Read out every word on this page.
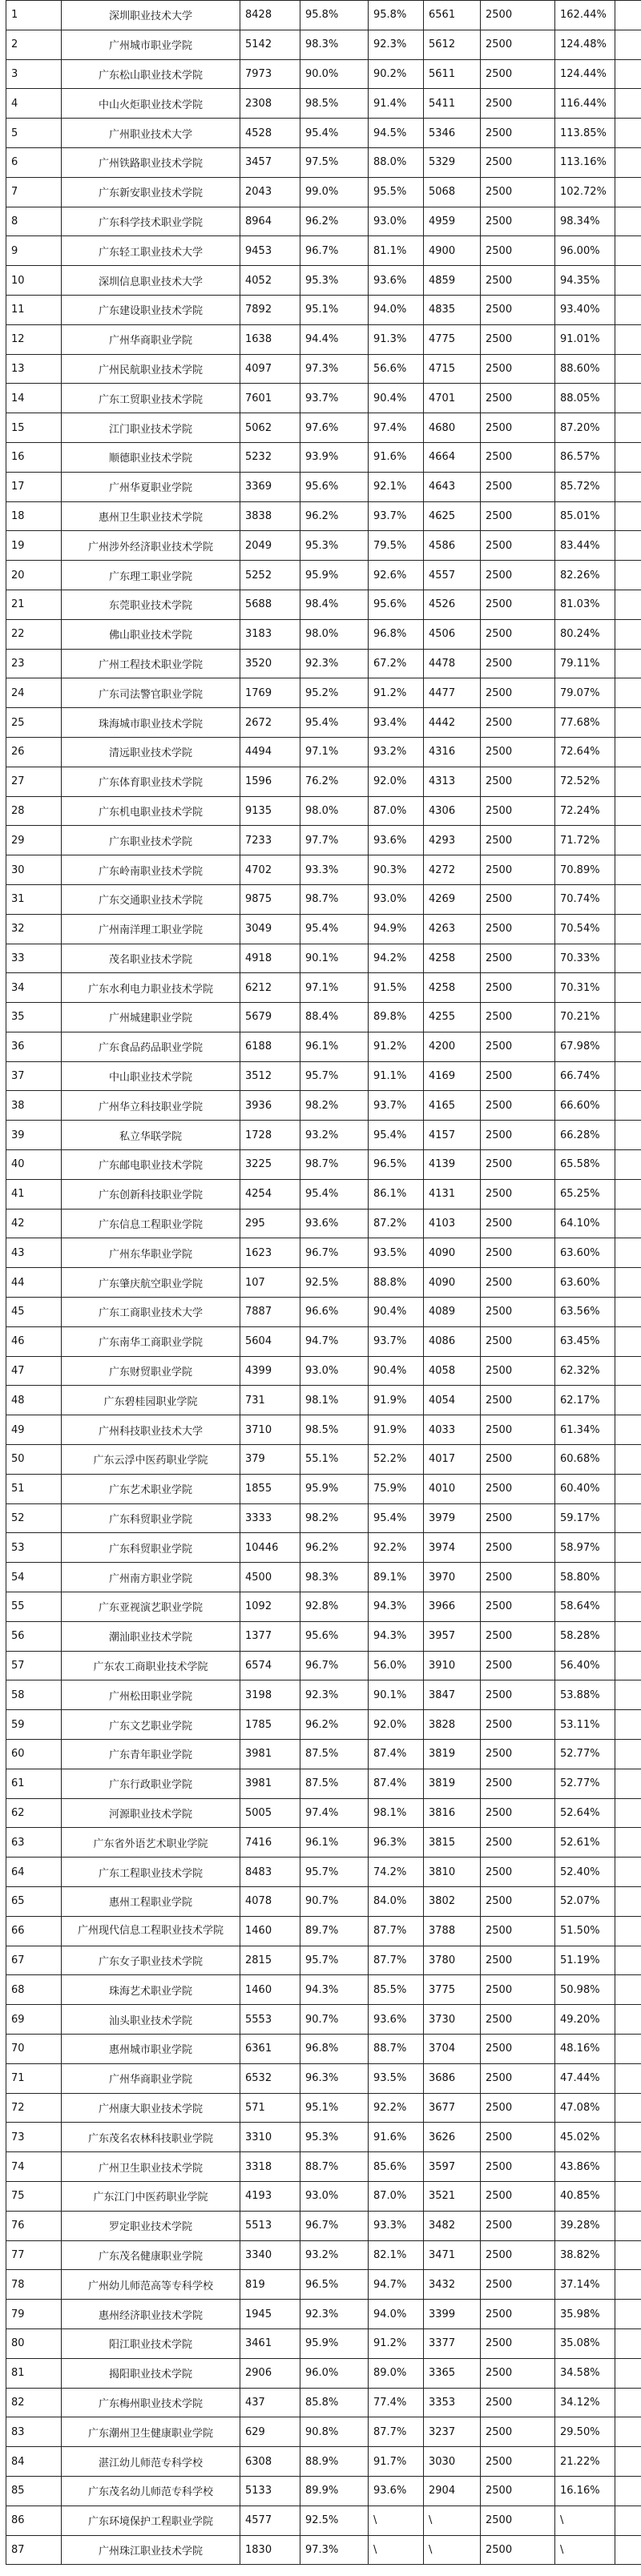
1	深圳职业技术大学	8428	95.8%	95.8%	6561	2500	162.44%	
2	广州城市职业学院	5142	98.3%	92.3%	5612	2500	124.48%	
3	广东松山职业技术学院	7973	90.0%	90.2%	5611	2500	124.44%	
4	中山火炬职业技术学院	2308	98.5%	91.4%	5411	2500	116.44%	
5	广州职业技术大学	4528	95.4%	94.5%	5346	2500	113.85%	
6	广州铁路职业技术学院	3457	97.5%	88.0%	5329	2500	113.16%	
7	广东新安职业技术学院	2043	99.0%	95.5%	5068	2500	102.72%	
8	广东科学技术职业学院	8964	96.2%	93.0%	4959	2500	98.34%	
9	广东轻工职业技术大学	9453	96.7%	81.1%	4900	2500	96.00%	
10	深圳信息职业技术大学	4052	95.3%	93.6%	4859	2500	94.35%	
11	广东建设职业技术学院	7892	95.1%	94.0%	4835	2500	93.40%	
12	广州华商职业学院	1638	94.4%	91.3%	4775	2500	91.01%	
13	广州民航职业技术学院	4097	97.3%	56.6%	4715	2500	88.60%	
14	广东工贸职业技术学院	7601	93.7%	90.4%	4701	2500	88.05%	
15	江门职业技术学院	5062	97.6%	97.4%	4680	2500	87.20%	
16	顺德职业技术学院	5232	93.9%	91.6%	4664	2500	86.57%	
17	广州华夏职业学院	3369	95.6%	92.1%	4643	2500	85.72%	
18	惠州卫生职业技术学院	3838	96.2%	93.7%	4625	2500	85.01%	
19	广州涉外经济职业技术学院	2049	95.3%	79.5%	4586	2500	83.44%	
20	广东理工职业学院	5252	95.9%	92.6%	4557	2500	82.26%	
21	东莞职业技术学院	5688	98.4%	95.6%	4526	2500	81.03%	
22	佛山职业技术学院	3183	98.0%	96.8%	4506	2500	80.24%	
23	广州工程技术职业学院	3520	92.3%	67.2%	4478	2500	79.11%	
24	广东司法警官职业学院	1769	95.2%	91.2%	4477	2500	79.07%	
25	珠海城市职业技术学院	2672	95.4%	93.4%	4442	2500	77.68%	
26	清远职业技术学院	4494	97.1%	93.2%	4316	2500	72.64%	
27	广东体育职业技术学院	1596	76.2%	92.0%	4313	2500	72.52%	
28	广东机电职业技术学院	9135	98.0%	87.0%	4306	2500	72.24%	
29	广东职业技术学院	7233	97.7%	93.6%	4293	2500	71.72%	
30	广东岭南职业技术学院	4702	93.3%	90.3%	4272	2500	70.89%	
31	广东交通职业技术学院	9875	98.7%	93.0%	4269	2500	70.74%	
32	广州南洋理工职业学院	3049	95.4%	94.9%	4263	2500	70.54%	
33	茂名职业技术学院	4918	90.1%	94.2%	4258	2500	70.33%	
34	广东水利电力职业技术学院	6212	97.1%	91.5%	4258	2500	70.31%	
35	广州城建职业学院	5679	88.4%	89.8%	4255	2500	70.21%	
36	广东食品药品职业学院	6188	96.1%	91.2%	4200	2500	67.98%	
37	中山职业技术学院	3512	95.7%	91.1%	4169	2500	66.74%	
38	广州华立科技职业学院	3936	98.2%	93.7%	4165	2500	66.60%	
39	私立华联学院	1728	93.2%	95.4%	4157	2500	66.28%	
40	广东邮电职业技术学院	3225	98.7%	96.5%	4139	2500	65.58%	
41	广东创新科技职业学院	4254	95.4%	86.1%	4131	2500	65.25%	
42	广东信息工程职业学院	295	93.6%	87.2%	4103	2500	64.10%	
43	广州东华职业学院	1623	96.7%	93.5%	4090	2500	63.60%	
44	广东肇庆航空职业学院	107	92.5%	88.8%	4090	2500	63.60%	
45	广东工商职业技术大学	7887	96.6%	90.4%	4089	2500	63.56%	
46	广东南华工商职业学院	5604	94.7%	93.7%	4086	2500	63.45%	
47	广东财贸职业学院	4399	93.0%	90.4%	4058	2500	62.32%	
48	广东碧桂园职业学院	731	98.1%	91.9%	4054	2500	62.17%	
49	广州科技职业技术大学	3710	98.5%	91.9%	4033	2500	61.34%	
50	广东云浮中医药职业学院	379	55.1%	52.2%	4017	2500	60.68%	
51	广东艺术职业学院	1855	95.9%	75.9%	4010	2500	60.40%	
52	广东科贸职业学院	3333	98.2%	95.4%	3979	2500	59.17%	
53	广东科贸职业学院	10446	96.2%	92.2%	3974	2500	58.97%	
54	广州南方职业学院	4500	98.3%	89.1%	3970	2500	58.80%	
55	广东亚视演艺职业学院	1092	92.8%	94.3%	3966	2500	58.64%	
56	潮汕职业技术学院	1377	95.6%	94.3%	3957	2500	58.28%	
57	广东农工商职业技术学院	6574	96.7%	56.0%	3910	2500	56.40%	
58	广州松田职业学院	3198	92.3%	90.1%	3847	2500	53.88%	
59	广东文艺职业学院	1785	96.2%	92.0%	3828	2500	53.11%	
60	广东青年职业学院	3981	87.5%	87.4%	3819	2500	52.77%	
61	广东行政职业学院	3981	87.5%	87.4%	3819	2500	52.77%	
62	河源职业技术学院	5005	97.4%	98.1%	3816	2500	52.64%	
63	广东省外语艺术职业学院	7416	96.1%	96.3%	3815	2500	52.61%	
64	广东工程职业技术学院	8483	95.7%	74.2%	3810	2500	52.40%	
65	惠州工程职业学院	4078	90.7%	84.0%	3802	2500	52.07%	
66	广州现代信息工程职业技术学院	1460	89.7%	87.7%	3788	2500	51.50%	
67	广东女子职业技术学院	2815	95.7%	87.7%	3780	2500	51.19%	
68	珠海艺术职业学院	1460	94.3%	85.5%	3775	2500	50.98%	
69	汕头职业技术学院	5553	90.7%	93.6%	3730	2500	49.20%	
70	惠州城市职业学院	6361	96.8%	88.7%	3704	2500	48.16%	
71	广州华商职业学院	6532	96.3%	93.5%	3686	2500	47.44%	
72	广州康大职业技术学院	571	95.1%	92.2%	3677	2500	47.08%	
73	广东茂名农林科技职业学院	3310	95.3%	91.6%	3626	2500	45.02%	
74	广州卫生职业技术学院	3318	88.7%	85.6%	3597	2500	43.86%	
75	广东江门中医药职业学院	4193	93.0%	87.0%	3521	2500	40.85%	
76	罗定职业技术学院	5513	96.7%	93.3%	3482	2500	39.28%	
77	广东茂名健康职业学院	3340	93.2%	82.1%	3471	2500	38.82%	
78	广州幼儿师范高等专科学校	819	96.5%	94.7%	3432	2500	37.14%	
79	惠州经济职业技术学院	1945	92.3%	94.0%	3399	2500	35.98%	
80	阳江职业技术学院	3461	95.9%	91.2%	3377	2500	35.08%	
81	揭阳职业技术学院	2906	96.0%	89.0%	3365	2500	34.58%	
82	广东梅州职业技术学院	437	85.8%	77.4%	3353	2500	34.12%	
83	广东潮州卫生健康职业学院	629	90.8%	87.7%	3237	2500	29.50%	
84	湛江幼儿师范专科学校	6308	88.9%	91.7%	3030	2500	21.22%	
85	广东茂名幼儿师范专科学校	5133	89.9%	93.6%	2904	2500	16.16%	
86	广东环境保护工程职业学院	4577	92.5%	\	\	2500	\	
87	广州珠江职业技术学院	1830	97.3%	\	\	2500	\	
